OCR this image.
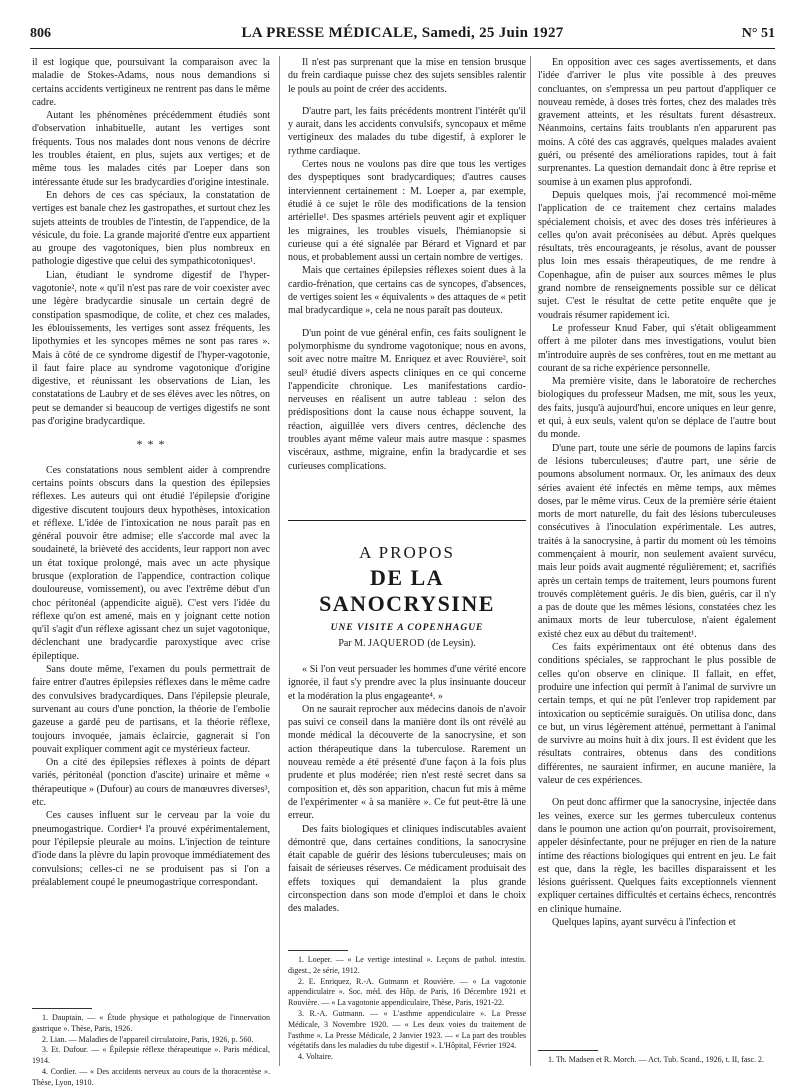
806	LA PRESSE MÉDICALE, Samedi, 25 Juin 1927	N° 51

il est logique que, poursuivant la comparaison avec la maladie de Stokes-Adams, nous nous demandions si certains accidents vertigineux ne rentrent pas dans le même cadre.

Autant les phénomènes précédemment étudiés sont d'observation inhabituelle, autant les vertiges sont fréquents. Tous nos malades dont nous venons de décrire les troubles étaient, en plus, sujets aux vertiges; et de même tous les malades cités par Loeper dans son intéressante étude sur les bradycardies d'origine intestinale.

En dehors de ces cas spéciaux, la constatation de vertiges est banale chez les gastropathes, et surtout chez les sujets atteints de troubles de l'intestin, de l'appendice, de la vésicule, du foie. La grande majorité d'entre eux appartient au groupe des vagotoniques, bien plus nombreux en pathologie digestive que celui des sympathicotoniques¹.

Lian, étudiant le syndrome digestif de l'hyper-vagotonie², note « qu'il n'est pas rare de voir coexister avec une légère bradycardie sinusale un certain degré de constipation spasmodique, de colite, et chez ces malades, les éblouissements, les vertiges sont assez fréquents, les lipothymies et les syncopes mêmes ne sont pas rares ». Mais à côté de ce syndrome digestif de l'hyper-vagotonie, il faut faire place au syndrome vagotonique d'origine digestive, et réunissant les observations de Lian, les constatations de Laubry et de ses élèves avec les nôtres, on peut se demander si beaucoup de vertiges digestifs ne sont pas d'origine bradycardique.

* * *

Ces constatations nous semblent aider à comprendre certains points obscurs dans la question des épilepsies réflexes. Les auteurs qui ont étudié l'épilepsie d'origine digestive discutent toujours deux hypothèses, intoxication et réflexe. L'idée de l'intoxication ne nous paraît pas en général pouvoir être admise; elle s'accorde mal avec la soudaineté, la brièveté des accidents, leur rapport non avec un état toxique prolongé, mais avec un acte physique brusque (exploration de l'appendice, contraction colique douloureuse, vomissement), ou avec l'extrême début d'un choc péritonéal (appendicite aiguë). C'est vers l'idée du réflexe qu'on est amené, mais en y joignant cette notion qu'il s'agit d'un réflexe agissant chez un sujet vagotonique, déclenchant une bradycardie paroxystique avec crise épileptique.

Sans doute même, l'examen du pouls permettrait de faire entrer d'autres épilepsies réflexes dans le même cadre des convulsives bradycardiques. Dans l'épilepsie pleurale, survenant au cours d'une ponction, la théorie de l'embolie gazeuse a gardé peu de partisans, et la théorie réflexe, toujours invoquée, jamais éclaircie, gagnerait si l'on pouvait expliquer comment agit ce mystérieux facteur.

On a cité des épilepsies réflexes à points de départ variés, péritonéal (ponction d'ascite) urinaire et même « thérapeutique » (Dufour) au cours de manœuvres diverses³, etc.

Ces causes influent sur le cerveau par la voie du pneumogastrique. Cordier⁴ l'a prouvé expérimentalement, pour l'épilepsie pleurale au moins. L'injection de teinture d'iode dans la plèvre du lapin provoque immédiatement des convulsions; celles-ci ne se produisent pas si l'on a préalablement coupé le pneumogastrique correspondant.

1. Dauptain. — « Étude physique et pathologique de l'innervation gastrique ». Thèse, Paris, 1926.

2. Lian. — Maladies de l'appareil circulatoire, Paris, 1926, p. 560.

3. Et. Dufour. — « Épilepsie réflexe thérapeutique ». Paris médical, 1914.

4. Cordier. — « Des accidents nerveux au cours de la thoracentèse ». Thèse, Lyon, 1910.

Il n'est pas surprenant que la mise en tension brusque du frein cardiaque puisse chez des sujets sensibles ralentir le pouls au point de créer des accidents.

D'autre part, les faits précédents montrent l'intérêt qu'il y aurait, dans les accidents convulsifs, syncopaux et même vertigineux des malades du tube digestif, à explorer le rythme cardiaque.

Certes nous ne voulons pas dire que tous les vertiges des dyspeptiques sont bradycardiques; d'autres causes interviennent certainement : M. Loeper a, par exemple, étudié à ce sujet le rôle des modifications de la tension artérielle¹. Des spasmes artériels peuvent agir et expliquer les migraines, les troubles visuels, l'hémianopsie si curieuse qui a été signalée par Bérard et Vignard et par nous, et probablement aussi un certain nombre de vertiges.

Mais que certaines épilepsies réflexes soient dues à la cardio-frénation, que certains cas de syncopes, d'absences, de vertiges soient les « équivalents » des attaques de « petit mal bradycardique », cela ne nous paraît pas douteux.

D'un point de vue général enfin, ces faits soulignent le polymorphisme du syndrome vagotonique; nous en avons, soit avec notre maître M. Enriquez et avec Rouvière², soit seul³ étudié divers aspects cliniques en ce qui concerne l'appendicite chronique. Les manifestations cardio-nerveuses en réalisent un autre tableau : selon des prédispositions dont la cause nous échappe souvent, la réaction, aiguillée vers divers centres, déclenche des troubles ayant même valeur mais autre masque : spasmes viscéraux, asthme, migraine, enfin la bradycardie et ses curieuses complications.

A PROPOS
DE LA SANOCRYSINE
UNE VISITE A COPENHAGUE
Par M. JAQUEROD (de Leysin).

« Si l'on veut persuader les hommes d'une vérité encore ignorée, il faut s'y prendre avec la plus insinuante douceur et la modération la plus engageante⁴. »

On ne saurait reprocher aux médecins danois de n'avoir pas suivi ce conseil dans la manière dont ils ont révélé au monde médical la découverte de la sanocrysine, et son action thérapeutique dans la tuberculose. Rarement un nouveau remède a été présenté d'une façon à la fois plus prudente et plus modérée; rien n'est resté secret dans sa composition et, dès son apparition, chacun fut mis à même de l'expérimenter « à sa manière ». Ce fut peut-être là une erreur.

Des faits biologiques et cliniques indiscutables avaient démontré que, dans certaines conditions, la sanocrysine était capable de guérir des lésions tuberculeuses; mais on faisait de sérieuses réserves. Ce médicament produisait des effets toxiques qui demandaient la plus grande circonspection dans son mode d'emploi et dans le choix des malades.

1. Loeper. — « Le vertige intestinal ». Leçons de pathol. intestin. digest., 2e série, 1912.

2. E. Enriquez, R.-A. Gutmann et Rouvière. — « La vagotonie appendiculaire ». Soc. méd. des Hôp. de Paris, 16 Décembre 1921 et Rouvière. — « La vagotonie appendiculaire, Thèse, Paris, 1921-22.

3. R.-A. Gutmann. — « L'asthme appendiculaire ». La Presse Médicale, 3 Novembre 1920. — « Les deux voies du traitement de l'asthme ». La Presse Médicale, 2 Janvier 1923. — « La part des troubles végétatifs dans les maladies du tube digestif ». L'Hôpital, Février 1924.

4. Voltaire.

En opposition avec ces sages avertissements, et dans l'idée d'arriver le plus vite possible à des preuves concluantes, on s'empressa un peu partout d'appliquer ce nouveau remède, à doses très fortes, chez des malades très gravement atteints, et les résultats furent désastreux. Néanmoins, certains faits troublants n'en apparurent pas moins. A côté des cas aggravés, quelques malades avaient guéri, ou présenté des améliorations rapides, tout à fait surprenantes. La question demandait donc à être reprise et soumise à un examen plus approfondi.

Depuis quelques mois, j'ai recommencé moi-même l'application de ce traitement chez certains malades spécialement choisis, et avec des doses très inférieures à celles qu'on avait préconisées au début. Après quelques résultats, très encourageants, je résolus, avant de pousser plus loin mes essais thérapeutiques, de me rendre à Copenhague, afin de puiser aux sources mêmes le plus grand nombre de renseignements possible sur ce délicat sujet. C'est le résultat de cette petite enquête que je voudrais résumer rapidement ici.

Le professeur Knud Faber, qui s'était obligeamment offert à me piloter dans mes investigations, voulut bien m'introduire auprès de ses confrères, tout en me mettant au courant de sa riche expérience personnelle.

Ma première visite, dans le laboratoire de recherches biologiques du professeur Madsen, me mit, sous les yeux, des faits, jusqu'à aujourd'hui, encore uniques en leur genre, et qui, à eux seuls, valent qu'on se déplace de l'autre bout du monde.

D'une part, toute une série de poumons de lapins farcis de lésions tuberculeuses; d'autre part, une série de poumons absolument normaux. Or, les animaux des deux séries avaient été infectés en même temps, aux mêmes doses, par le même virus. Ceux de la première série étaient morts de mort naturelle, du fait des lésions tuberculeuses consécutives à l'inoculation expérimentale. Les autres, traités à la sanocrysine, à partir du moment où les témoins commençaient à mourir, non seulement avaient survécu, mais leur poids avait augmenté régulièrement; et, sacrifiés après un certain temps de traitement, leurs poumons furent trouvés complètement guéris. Je dis bien, guéris, car il n'y a pas de doute que les mêmes lésions, constatées chez les animaux morts de leur tuberculose, n'aient également existé chez eux au début du traitement¹.

Ces faits expérimentaux ont été obtenus dans des conditions spéciales, se rapprochant le plus possible de celles qu'on observe en clinique. Il fallait, en effet, produire une infection qui permît à l'animal de survivre un certain temps, et qui ne pût l'enlever trop rapidement par intoxication ou septicémie suraiguës. On utilisa donc, dans ce but, un virus légèrement atténué, permettant à l'animal de survivre au moins huit à dix jours. Il est évident que les résultats contraires, obtenus dans des conditions différentes, ne sauraient infirmer, en aucune manière, la valeur de ces expériences.

On peut donc affirmer que la sanocrysine, injectée dans les veines, exerce sur les germes tuberculeux contenus dans le poumon une action qu'on pourrait, provisoirement, appeler désinfectante, pour ne préjuger en rien de la nature intime des réactions biologiques qui entrent en jeu. Le fait est que, dans la règle, les bacilles disparaissent et les lésions guérissent. Quelques faits exceptionnels viennent expliquer certaines difficultés et certains échecs, rencontrés en clinique humaine.

Quelques lapins, ayant survécu à l'infection et

1. Th. Madsen et R. Morch. — Act. Tub. Scand., 1926, t. II, fasc. 2.
